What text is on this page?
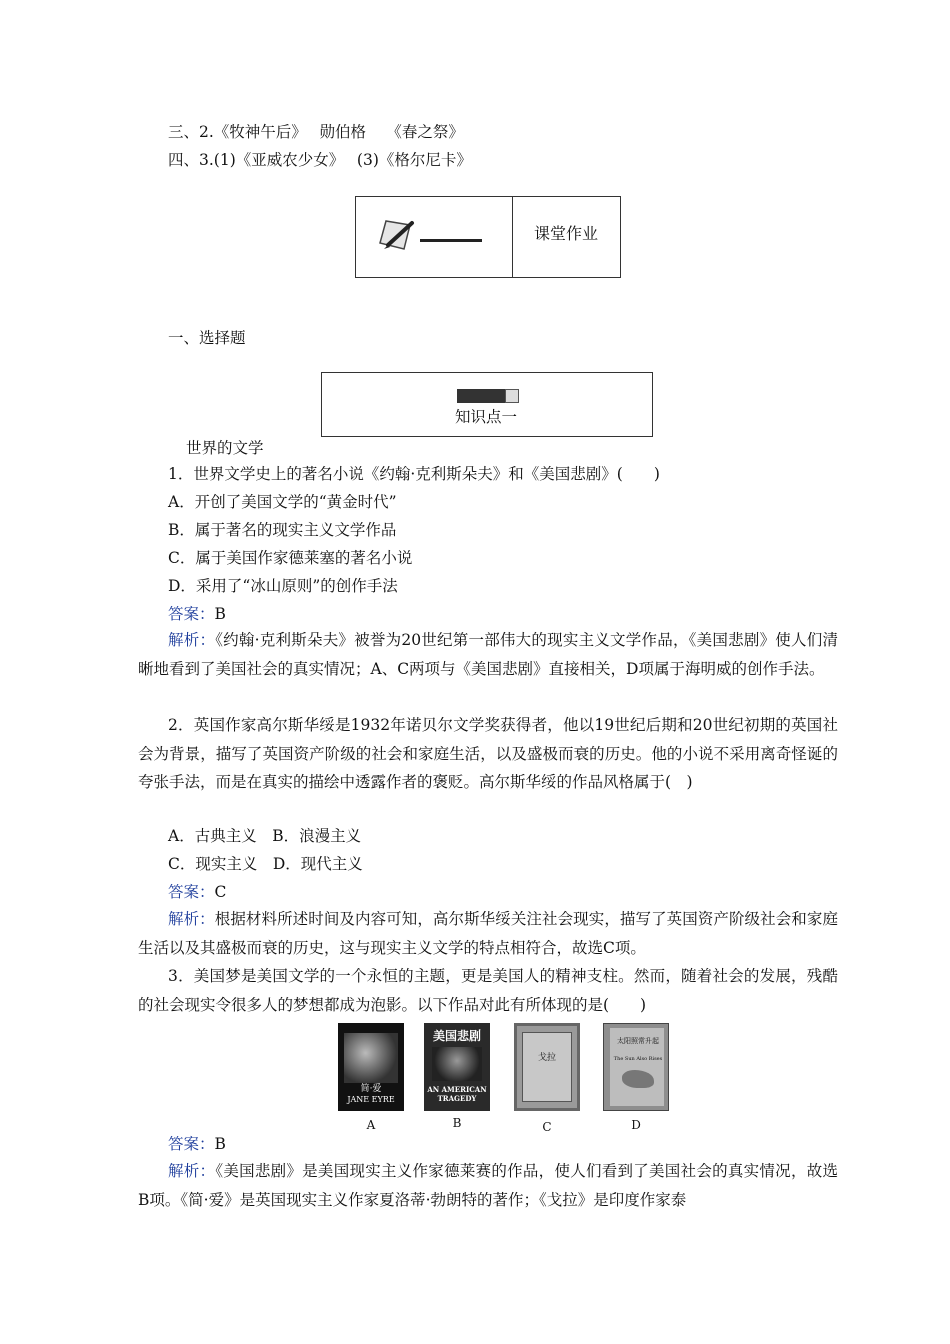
三、2.《牧神午后》　 勋伯格　 《春之祭》
四、3.(1)《亚威农少女》　 (3)《格尔尼卡》
课堂作业
一、选择题
知识点一
世界的文学
1．世界文学史上的著名小说《约翰·克利斯朵夫》和《美国悲剧》(　　)
A．开创了美国文学的“黄金时代”
B．属于著名的现实主义文学作品
C．属于美国作家德莱塞的著名小说
D．采用了“冰山原则”的创作手法
答案：B
解析：《约翰·克利斯朵夫》被誉为20世纪第一部伟大的现实主义文学作品，《美国悲剧》使人们清晰地看到了美国社会的真实情况；A、C两项与《美国悲剧》直接相关，D项属于海明威的创作手法。
2．英国作家高尔斯华绥是1932年诺贝尔文学奖获得者，他以19世纪后期和20世纪初期的英国社会为背景，描写了英国资产阶级的社会和家庭生活，以及盛极而衰的历史。他的小说不采用离奇怪诞的夸张手法，而是在真实的描绘中透露作者的褒贬。高尔斯华绥的作品风格属于(　)
A．古典主义　B．浪漫主义
C．现实主义　D．现代主义
答案：C
解析：根据材料所述时间及内容可知，高尔斯华绥关注社会现实，描写了英国资产阶级社会和家庭生活以及其盛极而衰的历史，这与现实主义文学的特点相符合，故选C项。
3．美国梦是美国文学的一个永恒的主题，更是美国人的精神支柱。然而，随着社会的发展，残酷的社会现实令很多人的梦想都成为泡影。以下作品对此有所体现的是(　　)
简·爱
JANE EYRE
美国悲剧
AN AMERICAN TRAGEDY
戈拉
太阳照常升起
The Sun Also Rises
A	B	C	D
答案：B
解析：《美国悲剧》是美国现实主义作家德莱赛的作品，使人们看到了美国社会的真实情况，故选B项。《简·爱》是英国现实主义作家夏洛蒂·勃朗特的著作；《戈拉》是印度作家泰
